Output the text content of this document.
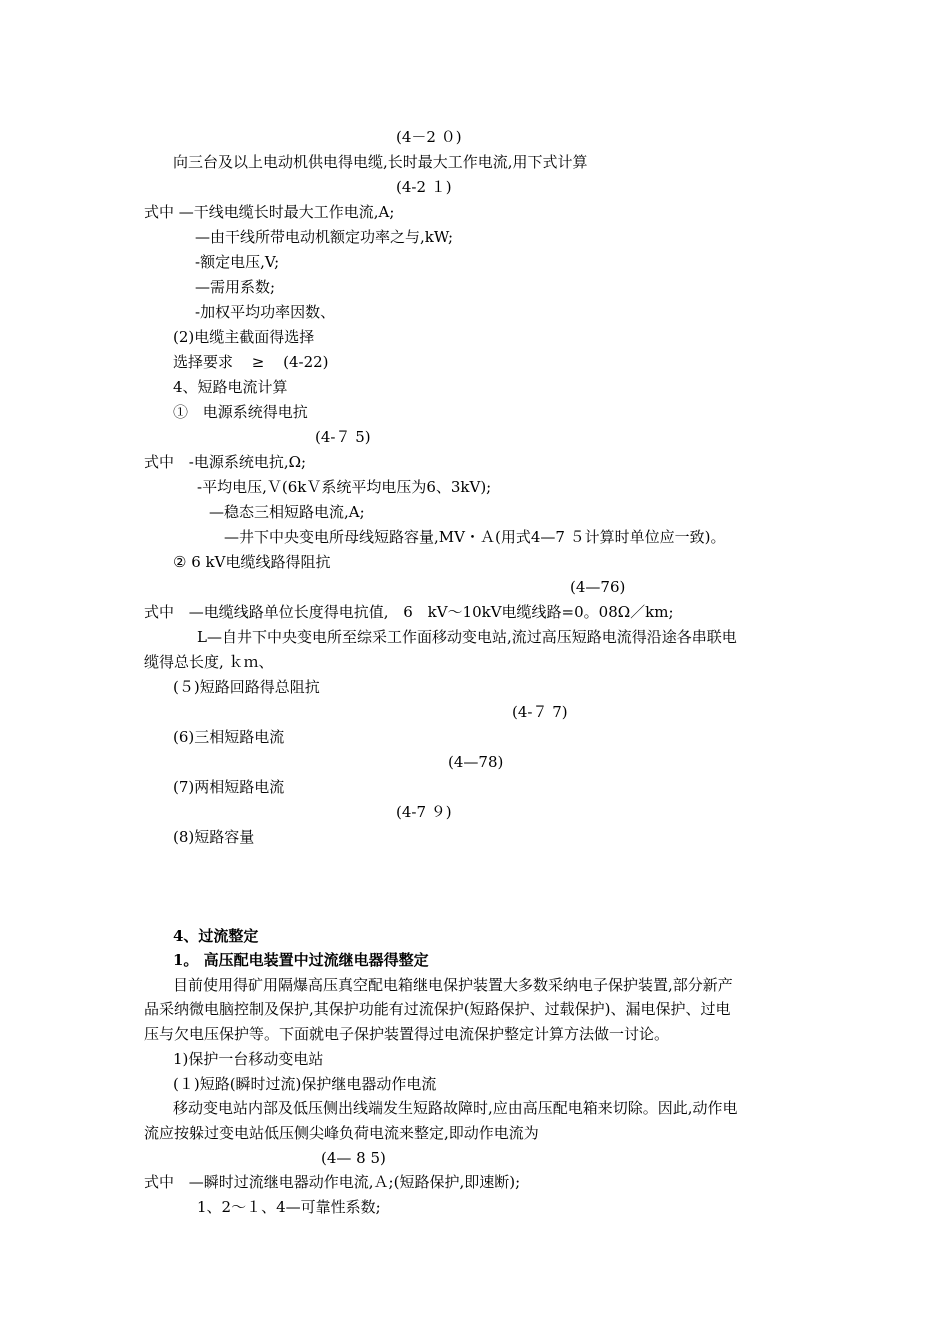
(4－2 ０)
向三台及以上电动机供电得电缆,长时最大工作电流,用下式计算
(4-2 １)
式中 —干线电缆长时最大工作电流,A;
—由干线所带电动机额定功率之与,kW;
-额定电压,V;
—需用系数;
-加权平均功率因数、
(2)电缆主截面得选择
选择要求 ≥ (4-22)
4、短路电流计算
① 电源系统得电抗
(4-７ 5)
式中 -电源系统电抗,Ω;
-平均电压,Ｖ(6kＶ系统平均电压为6、3kV);
—稳态三相短路电流,A;
—井下中央变电所母线短路容量,MV・Ａ(用式4—7 ５计算时单位应一致)。
② 6 kV电缆线路得阻抗
(4—76)
式中 —电缆线路单位长度得电抗值, 6 kV～10kV电缆线路=0。08Ω／km;
L—自井下中央变电所至综采工作面移动变电站,流过高压短路电流得沿途各串联电
缆得总长度, ｋｍ、
(５)短路回路得总阻抗
(4-７ 7)
(6)三相短路电流
(4—78)
(7)两相短路电流
(4-7 ９)
(8)短路容量
4、过流整定
1。 高压配电装置中过流继电器得整定
目前使用得矿用隔爆高压真空配电箱继电保护装置大多数采纳电子保护装置,部分新产
品采纳微电脑控制及保护,其保护功能有过流保护(短路保护、过载保护)、漏电保护、过电
压与欠电压保护等。下面就电子保护装置得过电流保护整定计算方法做一讨论。
1)保护一台移动变电站
(１)短路(瞬时过流)保护继电器动作电流
移动变电站内部及低压侧出线端发生短路故障时,应由高压配电箱来切除。因此,动作电
流应按躲过变电站低压侧尖峰负荷电流来整定,即动作电流为
(4— 8 5)
式中 —瞬时过流继电器动作电流,Ａ;(短路保护,即速断);
1、2～１、4—可靠性系数;
